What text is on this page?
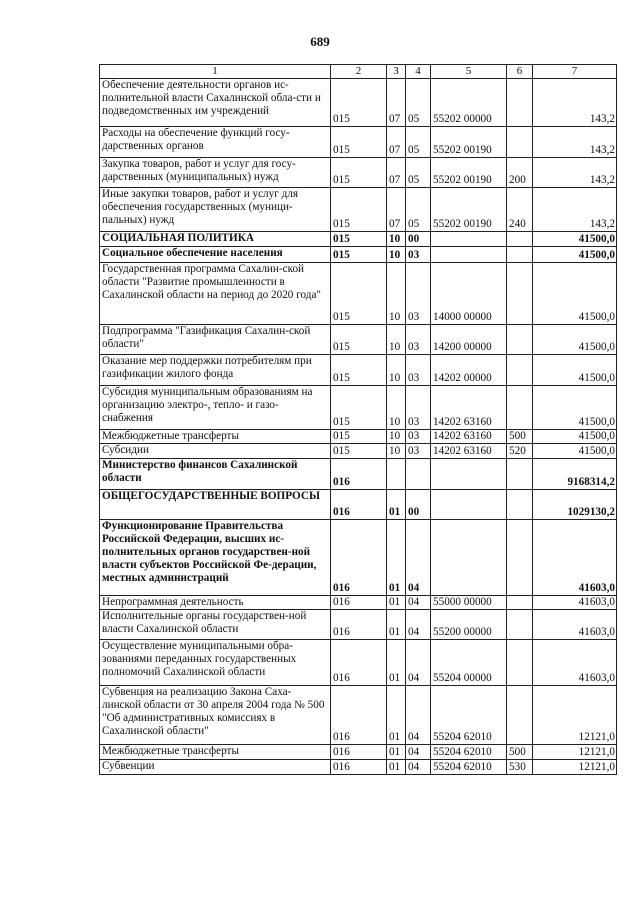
689
1	2	3	4	5	6	7
Обеспечение деятельности органов ис-полнительной власти Сахалинской обла-сти и подведомственных им учреждений	015	07	05	55202 00000		143,2
Расходы на обеспечение функций госу-дарственных органов	015	07	05	55202 00190		143,2
Закупка товаров, работ и услуг для госу-дарственных (муниципальных) нужд	015	07	05	55202 00190	200	143,2
Иные закупки товаров, работ и услуг для обеспечения государственных (муници-пальных) нужд	015	07	05	55202 00190	240	143,2
СОЦИАЛЬНАЯ ПОЛИТИКА	015	10	00			41500,0
Социальное обеспечение населения	015	10	03			41500,0
Государственная программа Сахалин-ской области "Развитие промышленности в Сахалинской области на период до 2020 года"	015	10	03	14000 00000		41500,0
Подпрограмма "Газификация Сахалин-ской области"	015	10	03	14200 00000		41500,0
Оказание мер поддержки потребителям при газификации жилого фонда	015	10	03	14202 00000		41500,0
Субсидия муниципальным образованиям на организацию электро-, тепло- и газо-снабжения	015	10	03	14202 63160		41500,0
Межбюджетные трансферты	015	10	03	14202 63160	500	41500,0
Субсидии	015	10	03	14202 63160	520	41500,0
Министерство финансов Сахалинской области	016					9168314,2
ОБЩЕГОСУДАРСТВЕННЫЕ ВОПРОСЫ	016	01	00			1029130,2
Функционирование Правительства Российской Федерации, высших ис-полнительных органов государствен-ной власти субъектов Российской Фе-дерации, местных администраций	016	01	04			41603,0
Непрограммная деятельность	016	01	04	55000 00000		41603,0
Исполнительные органы государствен-ной власти Сахалинской области	016	01	04	55200 00000		41603,0
Осуществление муниципальными обра-зованиями переданных государственных полномочий Сахалинской области	016	01	04	55204 00000		41603,0
Субвенция на реализацию Закона Саха-линской области от 30 апреля 2004 года № 500 "Об административных комиссиях в Сахалинской области"	016	01	04	55204 62010		12121,0
Межбюджетные трансферты	016	01	04	55204 62010	500	12121,0
Субвенции	016	01	04	55204 62010	530	12121,0
